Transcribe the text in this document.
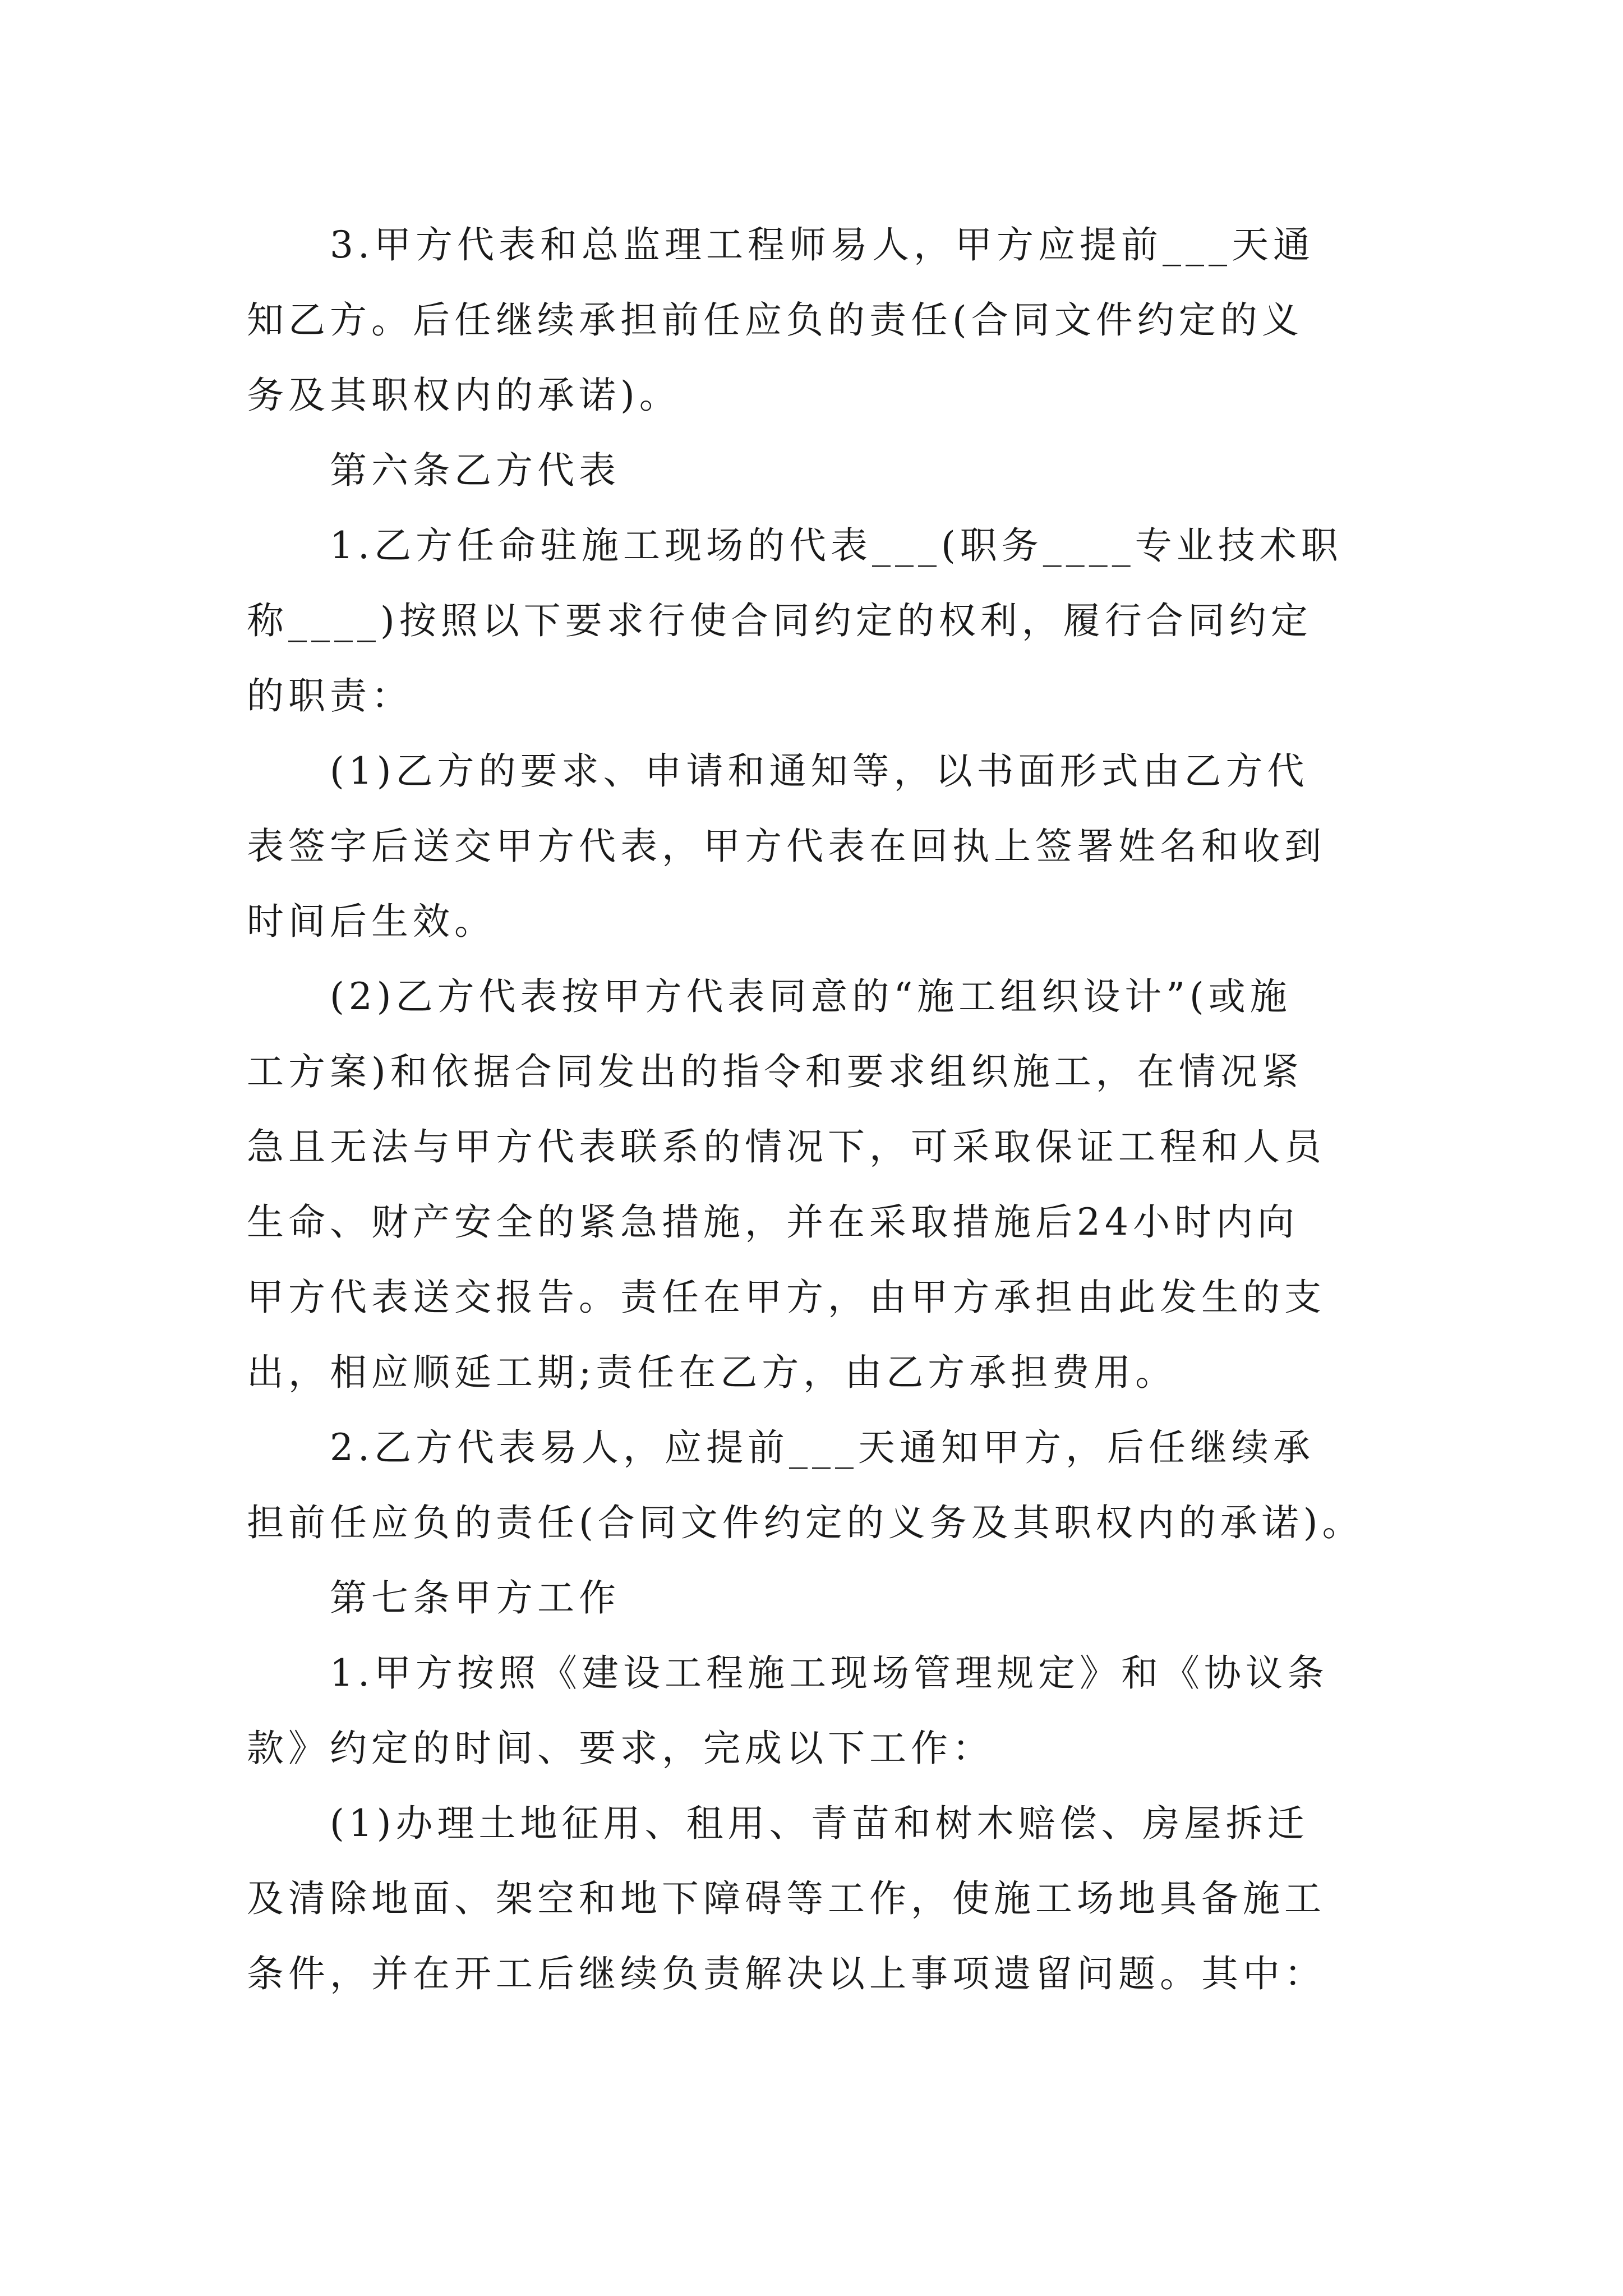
3.甲方代表和总监理工程师易人，甲方应提前___天通
知乙方。后任继续承担前任应负的责任(合同文件约定的义
务及其职权内的承诺)。
第六条乙方代表
1.乙方任命驻施工现场的代表___(职务____专业技术职
称____)按照以下要求行使合同约定的权利，履行合同约定
的职责：
(1)乙方的要求、申请和通知等，以书面形式由乙方代
表签字后送交甲方代表，甲方代表在回执上签署姓名和收到
时间后生效。
(2)乙方代表按甲方代表同意的“施工组织设计”(或施
工方案)和依据合同发出的指令和要求组织施工，在情况紧
急且无法与甲方代表联系的情况下，可采取保证工程和人员
生命、财产安全的紧急措施，并在采取措施后24小时内向
甲方代表送交报告。责任在甲方，由甲方承担由此发生的支
出，相应顺延工期;责任在乙方，由乙方承担费用。
2.乙方代表易人，应提前___天通知甲方，后任继续承
担前任应负的责任(合同文件约定的义务及其职权内的承诺)。
第七条甲方工作
1.甲方按照《建设工程施工现场管理规定》和《协议条
款》约定的时间、要求，完成以下工作：
(1)办理土地征用、租用、青苗和树木赔偿、房屋拆迁
及清除地面、架空和地下障碍等工作，使施工场地具备施工
条件，并在开工后继续负责解决以上事项遗留问题。其中：
